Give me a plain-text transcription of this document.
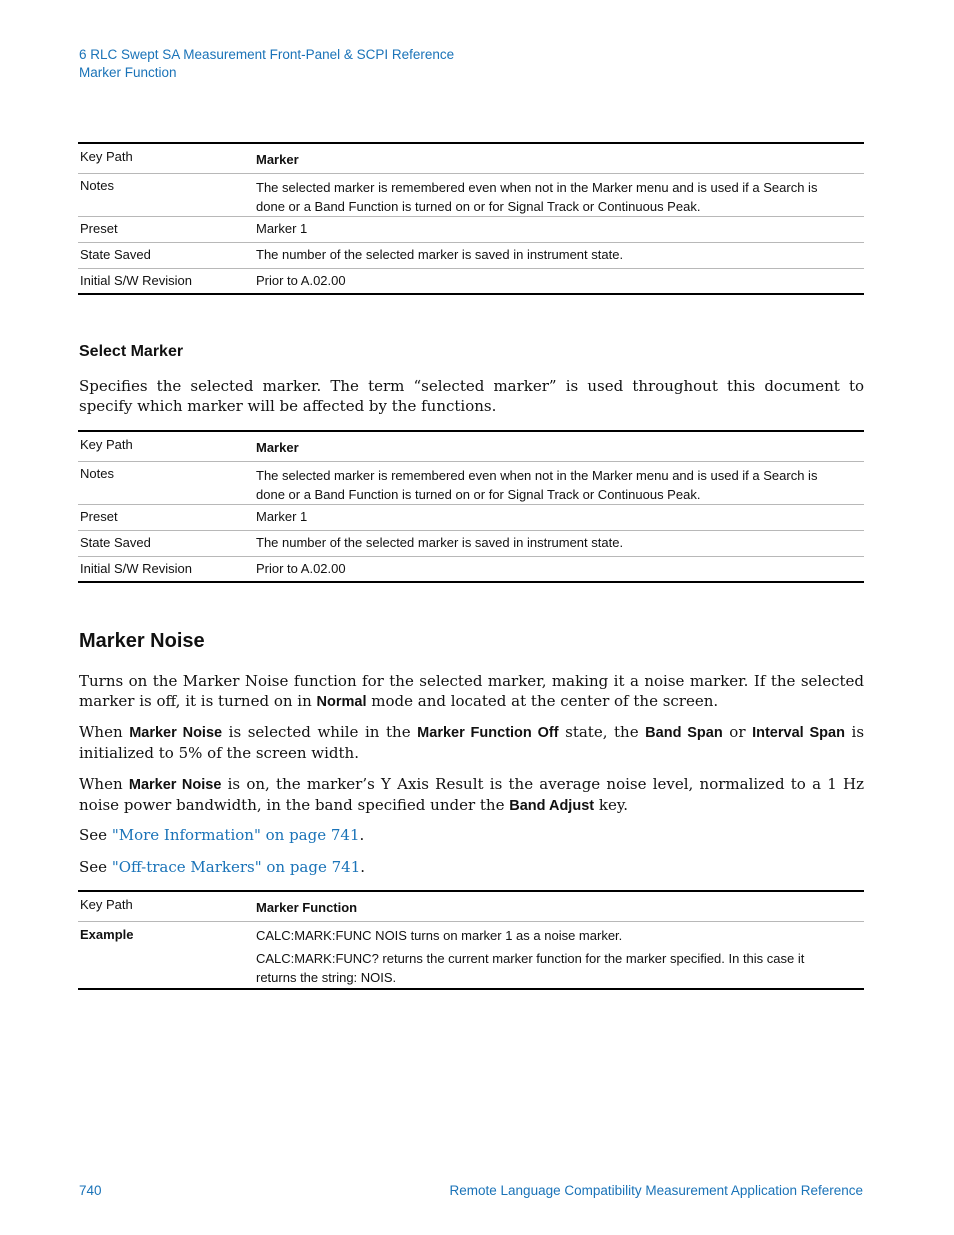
6 RLC Swept SA Measurement Front-Panel & SCPI Reference
Marker Function
Key Path	Marker
Notes	The selected marker is remembered even when not in the Marker menu and is used if a Search is done or a Band Function is turned on or for Signal Track or Continuous Peak.
Preset	Marker 1
State Saved	The number of the selected marker is saved in instrument state.
Initial S/W Revision	Prior to A.02.00
Select Marker

Specifies the selected marker. The term “selected marker” is used throughout this document to specify which marker will be affected by the functions.

Key Path	Marker
Notes	The selected marker is remembered even when not in the Marker menu and is used if a Search is done or a Band Function is turned on or for Signal Track or Continuous Peak.
Preset	Marker 1
State Saved	The number of the selected marker is saved in instrument state.
Initial S/W Revision	Prior to A.02.00
Marker Noise

Turns on the Marker Noise function for the selected marker, making it a noise marker. If the selected marker is off, it is turned on in Normal mode and located at the center of the screen.

When Marker Noise is selected while in the Marker Function Off state, the Band Span or Interval Span is initialized to 5% of the screen width.

When Marker Noise is on, the marker’s Y Axis Result is the average noise level, normalized to a 1 Hz noise power bandwidth, in the band specified under the Band Adjust key.

See "More Information" on page 741.

See "Off-trace Markers" on page 741.

Key Path	Marker Function
Example	CALC:MARK:FUNC NOIS turns on marker 1 as a noise marker.
CALC:MARK:FUNC? returns the current marker function for the marker specified. In this case it returns the string: NOIS.
740	Remote Language Compatibility Measurement Application Reference
